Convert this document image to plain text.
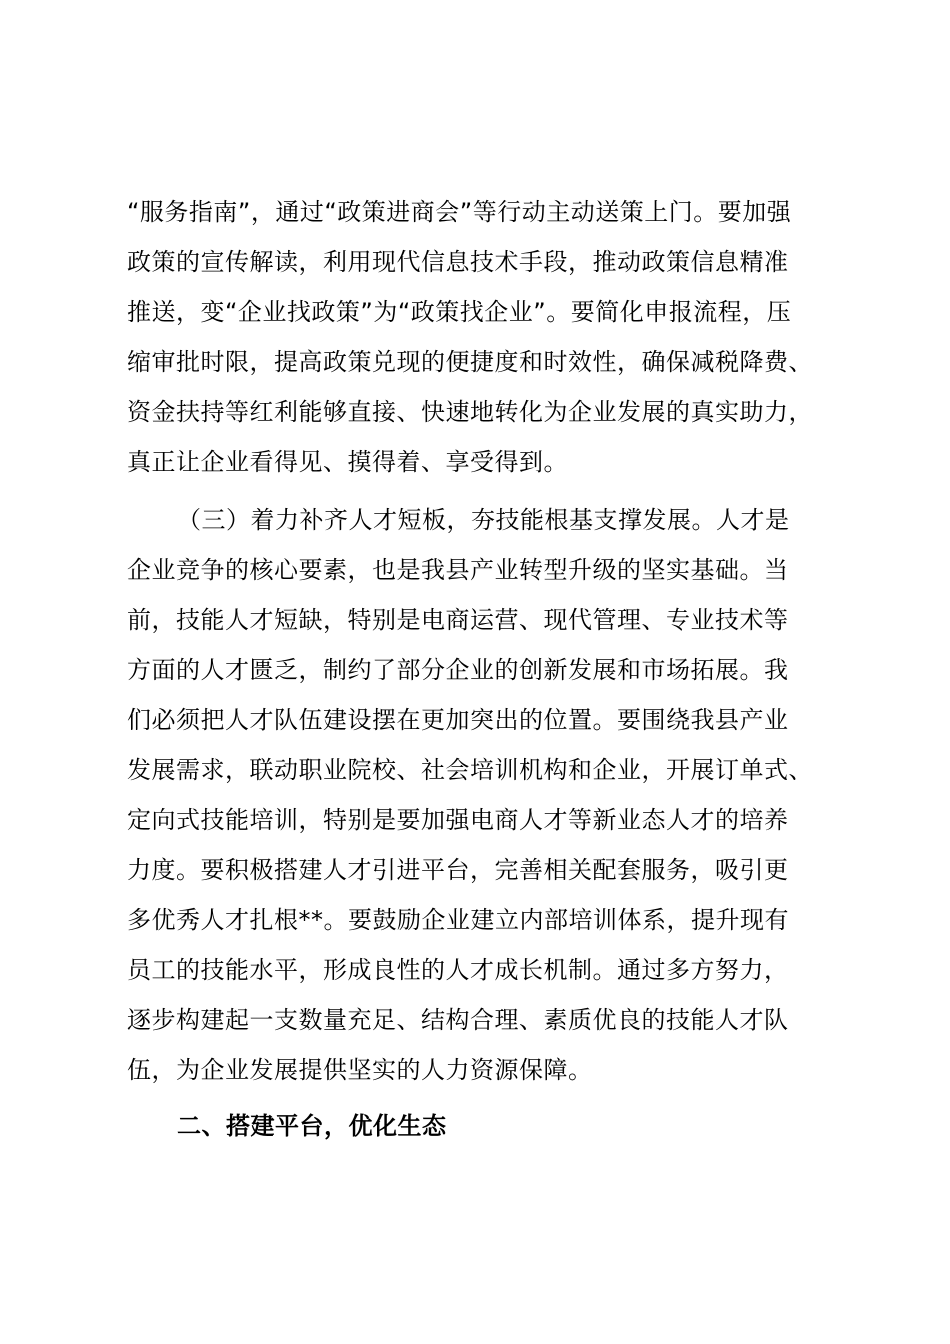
“服务指南”，通过“政策进商会”等行动主动送策上门。要加强
政策的宣传解读，利用现代信息技术手段，推动政策信息精准
推送，变“企业找政策”为“政策找企业”。要简化申报流程，压
缩审批时限，提高政策兑现的便捷度和时效性，确保减税降费、
资金扶持等红利能够直接、快速地转化为企业发展的真实助力，
真正让企业看得见、摸得着、享受得到。
（三）着力补齐人才短板，夯技能根基支撑发展。人才是
企业竞争的核心要素，也是我县产业转型升级的坚实基础。当
前，技能人才短缺，特别是电商运营、现代管理、专业技术等
方面的人才匮乏，制约了部分企业的创新发展和市场拓展。我
们必须把人才队伍建设摆在更加突出的位置。要围绕我县产业
发展需求，联动职业院校、社会培训机构和企业，开展订单式、
定向式技能培训，特别是要加强电商人才等新业态人才的培养
力度。要积极搭建人才引进平台，完善相关配套服务，吸引更
多优秀人才扎根**。要鼓励企业建立内部培训体系，提升现有
员工的技能水平，形成良性的人才成长机制。通过多方努力，
逐步构建起一支数量充足、结构合理、素质优良的技能人才队
伍，为企业发展提供坚实的人力资源保障。
二、搭建平台，优化生态
